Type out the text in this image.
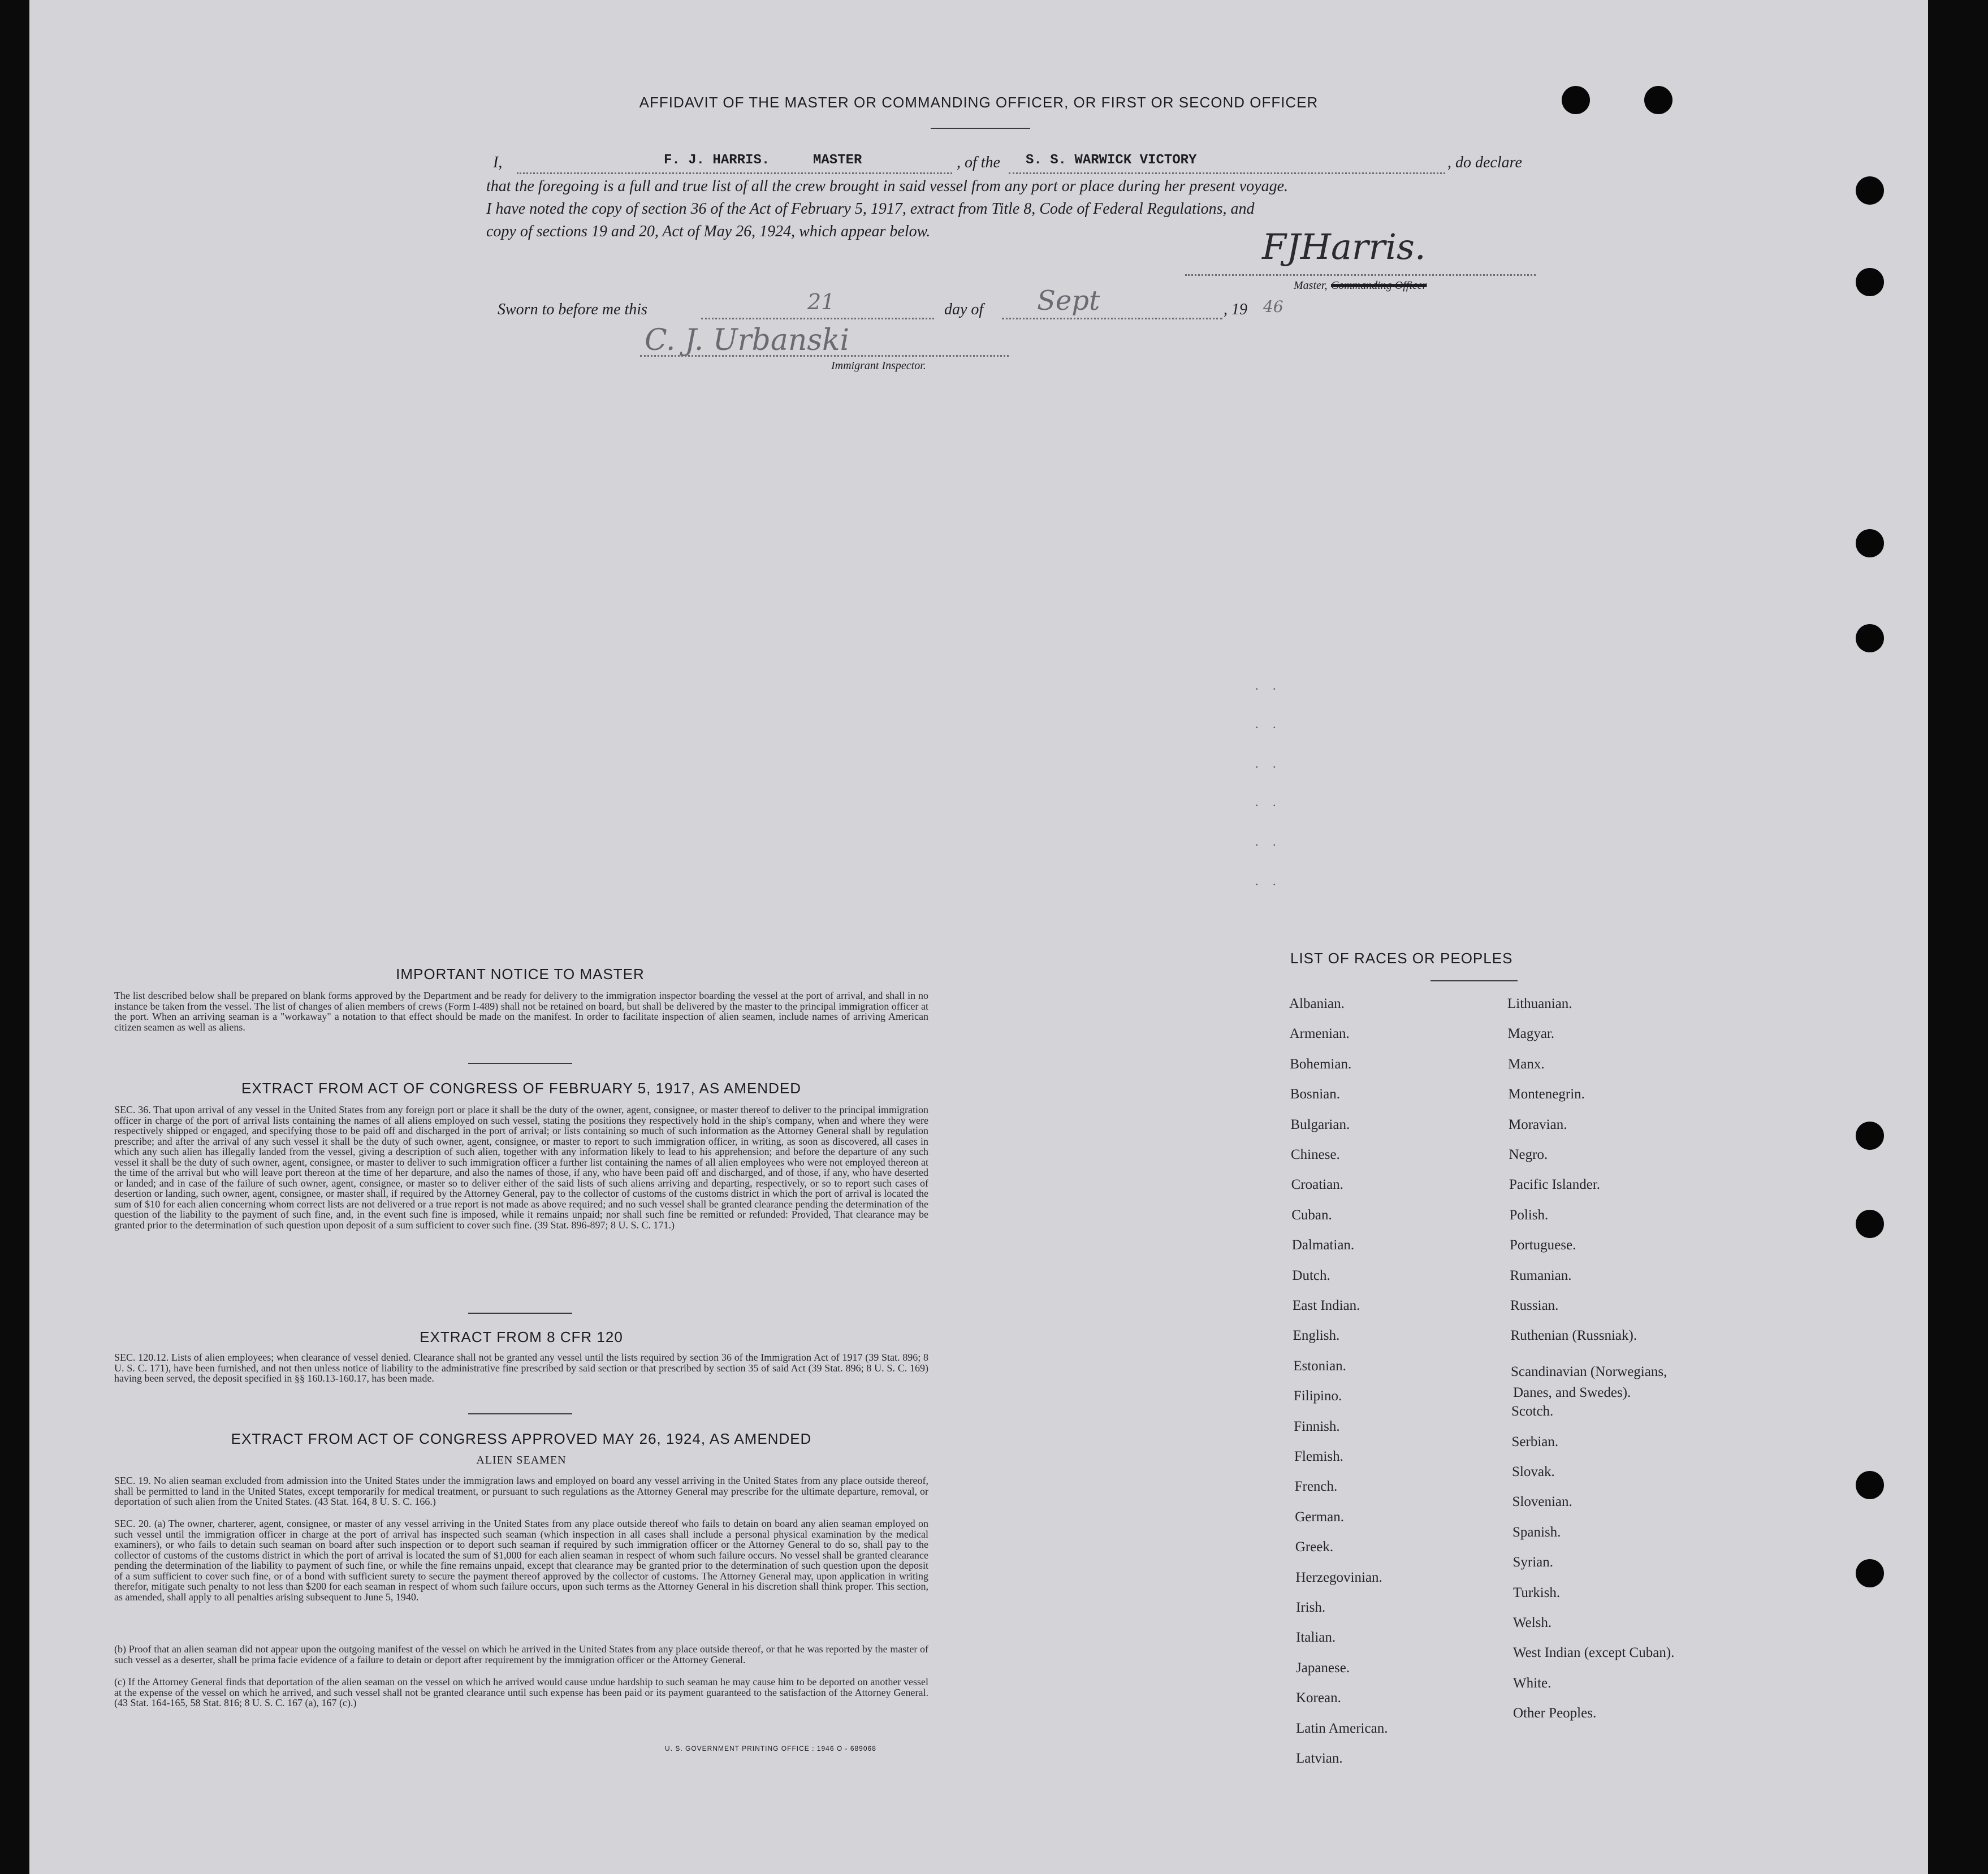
AFFIDAVIT OF THE MASTER OR COMMANDING OFFICER, OR FIRST OR SECOND OFFICER
I,	F. J. HARRIS.	MASTER	, of the S. S. WARWICK VICTORY	, do declare
that the foregoing is a full and true list of all the crew brought in said vessel from any port or place during her present voyage.
I have noted the copy of section 36 of the Act of February 5, 1917, extract from Title 8, Code of Federal Regulations, and
copy of sections 19 and 20, Act of May 26, 1924, which appear below.	FJHarris.
Master, Commanding Officer
Sworn to before me this	21	day of Sept	, 19 46
C. J. Urbanski
Immigrant Inspector.
IMPORTANT NOTICE TO MASTER
The list described below shall be prepared on blank forms approved by the Department and be ready for delivery to the immigration inspector boarding the vessel at the port of arrival, and shall in no instance be taken from the vessel. The list of changes of alien members of crews (Form I-489) shall not be retained on board, but shall be delivered by the master to the principal immigration officer at the port. When an arriving seaman is a "workaway" a notation to that effect should be made on the manifest. In order to facilitate inspection of alien seamen, include names of arriving American citizen seamen as well as aliens.
EXTRACT FROM ACT OF CONGRESS OF FEBRUARY 5, 1917, AS AMENDED
SEC. 36. That upon arrival of any vessel in the United States from any foreign port or place it shall be the duty of the owner, agent, consignee, or master thereof to deliver to the principal immigration officer in charge of the port of arrival lists containing the names of all aliens employed on such vessel, stating the positions they respectively hold in the ship's company, when and where they were respectively shipped or engaged, and specifying those to be paid off and discharged in the port of arrival; or lists containing so much of such information as the Attorney General shall by regulation prescribe; and after the arrival of any such vessel it shall be the duty of such owner, agent, consignee, or master to report to such immigration officer, in writing, as soon as discovered, all cases in which any such alien has illegally landed from the vessel, giving a description of such alien, together with any information likely to lead to his apprehension; and before the departure of any such vessel it shall be the duty of such owner, agent, consignee, or master to deliver to such immigration officer a further list containing the names of all alien employees who were not employed thereon at the time of the arrival but who will leave port thereon at the time of her departure, and also the names of those, if any, who have been paid off and discharged, and of those, if any, who have deserted or landed; and in case of the failure of such owner, agent, consignee, or master so to deliver either of the said lists of such aliens arriving and departing, respectively, or so to report such cases of desertion or landing, such owner, agent, consignee, or master shall, if required by the Attorney General, pay to the collector of customs of the customs district in which the port of arrival is located the sum of $10 for each alien concerning whom correct lists are not delivered or a true report is not made as above required; and no such vessel shall be granted clearance pending the determination of the question of the liability to the payment of such fine, and, in the event such fine is imposed, while it remains unpaid; nor shall such fine be remitted or refunded: Provided, That clearance may be granted prior to the determination of such question upon deposit of a sum sufficient to cover such fine. (39 Stat. 896-897; 8 U. S. C. 171.)
EXTRACT FROM 8 CFR 120
SEC. 120.12. Lists of alien employees; when clearance of vessel denied. Clearance shall not be granted any vessel until the lists required by section 36 of the Immigration Act of 1917 (39 Stat. 896; 8 U. S. C. 171), have been furnished, and not then unless notice of liability to the administrative fine prescribed by said section or that prescribed by section 35 of said Act (39 Stat. 896; 8 U. S. C. 169) having been served, the deposit specified in §§ 160.13-160.17, has been made.
EXTRACT FROM ACT OF CONGRESS APPROVED MAY 26, 1924, AS AMENDED
ALIEN SEAMEN
SEC. 19. No alien seaman excluded from admission into the United States under the immigration laws and employed on board any vessel arriving in the United States from any place outside thereof, shall be permitted to land in the United States, except temporarily for medical treatment, or pursuant to such regulations as the Attorney General may prescribe for the ultimate departure, removal, or deportation of such alien from the United States. (43 Stat. 164, 8 U. S. C. 166.)
SEC. 20. (a) The owner, charterer, agent, consignee, or master of any vessel arriving in the United States from any place outside thereof who fails to detain on board any alien seaman employed on such vessel until the immigration officer in charge at the port of arrival has inspected such seaman (which inspection in all cases shall include a personal physical examination by the medical examiners), or who fails to detain such seaman on board after such inspection or to deport such seaman if required by such immigration officer or the Attorney General to do so, shall pay to the collector of customs of the customs district in which the port of arrival is located the sum of $1,000 for each alien seaman in respect of whom such failure occurs. No vessel shall be granted clearance pending the determination of the liability to payment of such fine, or while the fine remains unpaid, except that clearance may be granted prior to the determination of such question upon the deposit of a sum sufficient to cover such fine, or of a bond with sufficient surety to secure the payment thereof approved by the collector of customs. The Attorney General may, upon application in writing therefor, mitigate such penalty to not less than $200 for each seaman in respect of whom such failure occurs, upon such terms as the Attorney General in his discretion shall think proper. This section, as amended, shall apply to all penalties arising subsequent to June 5, 1940.
(b) Proof that an alien seaman did not appear upon the outgoing manifest of the vessel on which he arrived in the United States from any place outside thereof, or that he was reported by the master of such vessel as a deserter, shall be prima facie evidence of a failure to detain or deport after requirement by the immigration officer or the Attorney General.
(c) If the Attorney General finds that deportation of the alien seaman on the vessel on which he arrived would cause undue hardship to such seaman he may cause him to be deported on another vessel at the expense of the vessel on which he arrived, and such vessel shall not be granted clearance until such expense has been paid or its payment guaranteed to the satisfaction of the Attorney General. (43 Stat. 164-165, 58 Stat. 816; 8 U. S. C. 167 (a), 167 (c).)
U. S. GOVERNMENT PRINTING OFFICE : 1946 O - 689068
LIST OF RACES OR PEOPLES
. .
. .
. .
. .
. .
. .
Albanian.
Armenian.
Bohemian.
Bosnian.
Bulgarian.
Chinese.
Croatian.
Cuban.
Dalmatian.
Dutch.
East Indian.
English.
Estonian.
Filipino.
Finnish.
Flemish.
French.
German.
Greek.
Herzegovinian.
Irish.
Italian.
Japanese.
Korean.
Latin American.
Latvian.
Lithuanian.
Magyar.
Manx.
Montenegrin.
Moravian.
Negro.
Pacific Islander.
Polish.
Portuguese.
Rumanian.
Russian.
Ruthenian (Russniak).
Scandinavian (Norwegians,
Danes, and Swedes).
Scotch.
Serbian.
Slovak.
Slovenian.
Spanish.
Syrian.
Turkish.
Welsh.
West Indian (except Cuban).
White.
Other Peoples.
